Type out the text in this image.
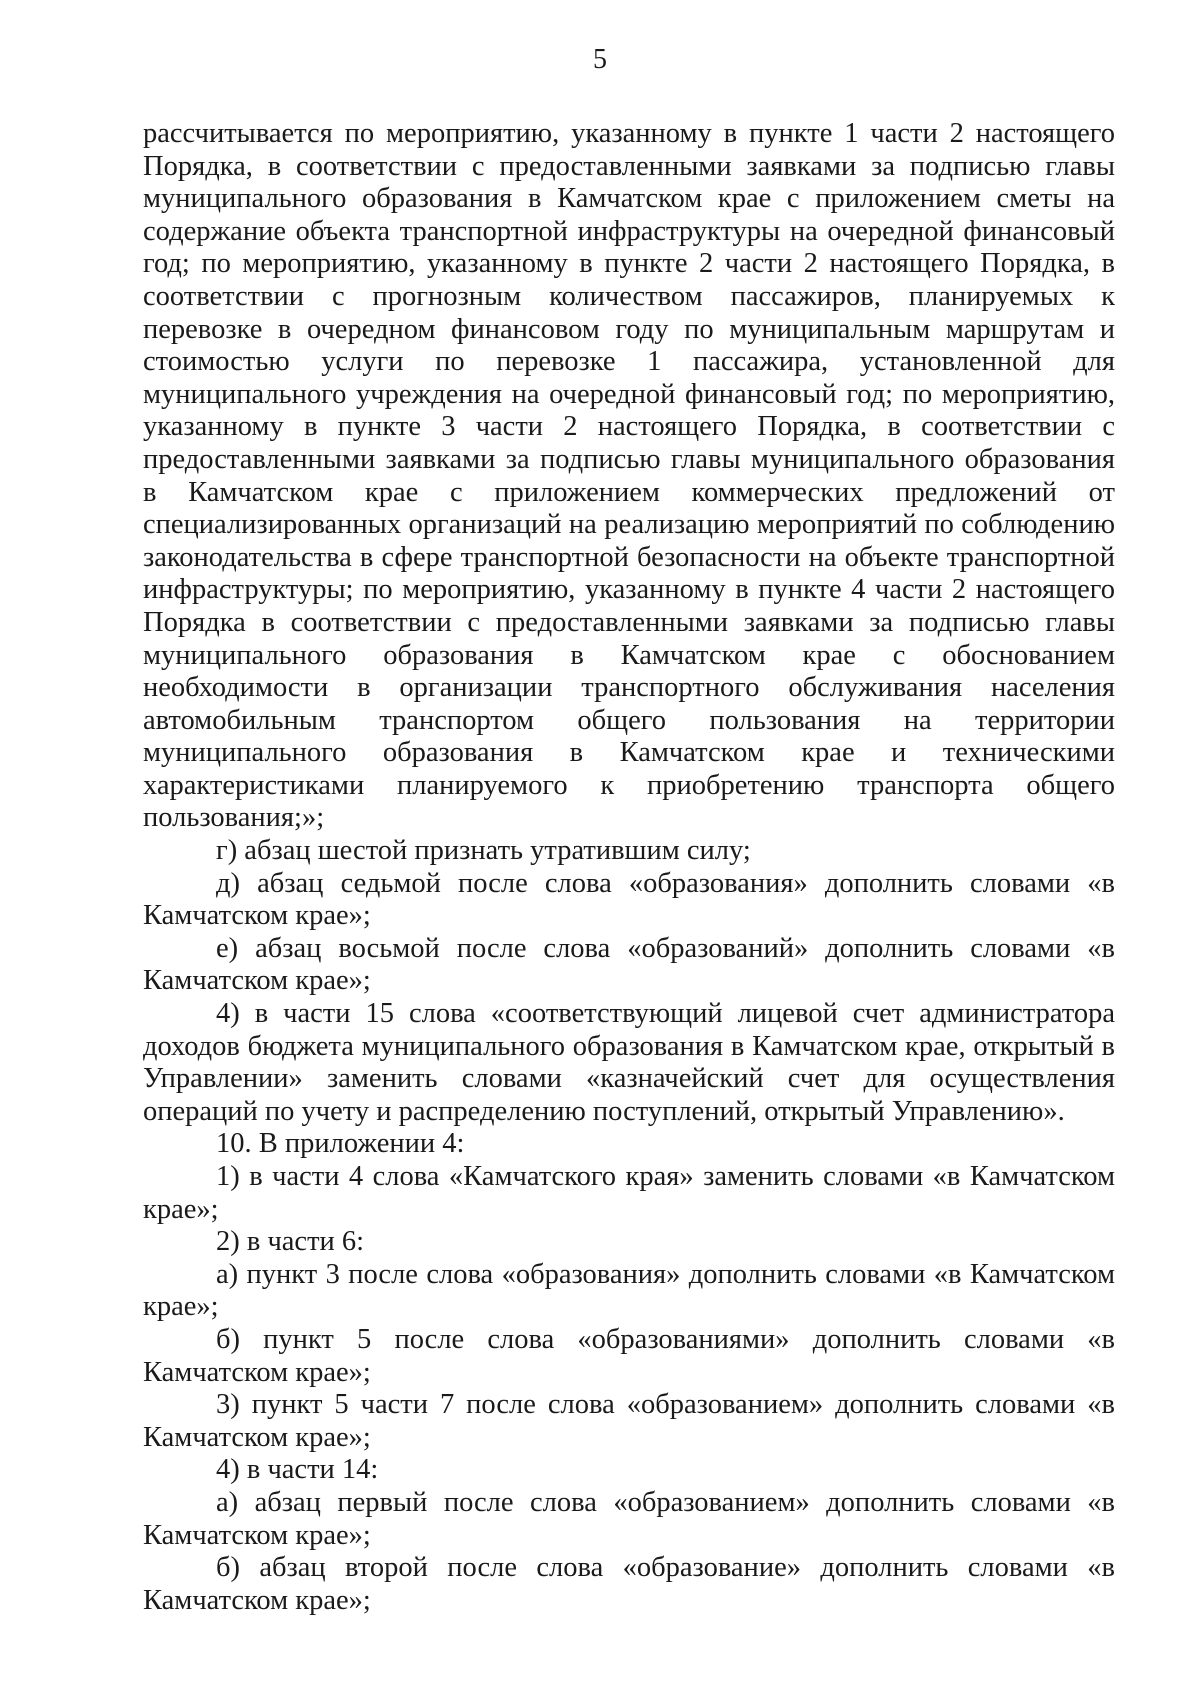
5

рассчитывается по мероприятию, указанному в пункте 1 части 2 настоящего Порядка, в соответствии с предоставленными заявками за подписью главы муниципального образования в Камчатском крае с приложением сметы на содержание объекта транспортной инфраструктуры на очередной финансовый год; по мероприятию, указанному в пункте 2 части 2 настоящего Порядка, в соответствии с прогнозным количеством пассажиров, планируемых к перевозке в очередном финансовом году по муниципальным маршрутам и стоимостью услуги по перевозке 1 пассажира, установленной для муниципального учреждения на очередной финансовый год; по мероприятию, указанному в пункте 3 части 2 настоящего Порядка, в соответствии с предоставленными заявками за подписью главы муниципального образования в Камчатском крае с приложением коммерческих предложений от специализированных организаций на реализацию мероприятий по соблюдению законодательства в сфере транспортной безопасности на объекте транспортной инфраструктуры; по мероприятию, указанному в пункте 4 части 2 настоящего Порядка в соответствии с предоставленными заявками за подписью главы муниципального образования в Камчатском крае с обоснованием необходимости в организации транспортного обслуживания населения автомобильным транспортом общего пользования на территории муниципального образования в Камчатском крае и техническими характеристиками планируемого к приобретению транспорта общего пользования;»;

г) абзац шестой признать утратившим силу;

д) абзац седьмой после слова «образования» дополнить словами «в Камчатском крае»;

е) абзац восьмой после слова «образований» дополнить словами «в Камчатском крае»;

4) в части 15 слова «соответствующий лицевой счет администратора доходов бюджета муниципального образования в Камчатском крае, открытый в Управлении» заменить словами «казначейский счет для осуществления операций по учету и распределению поступлений, открытый Управлению».

10. В приложении 4:

1) в части 4 слова «Камчатского края» заменить словами «в Камчатском крае»;

2) в части 6:

а) пункт 3 после слова «образования» дополнить словами «в Камчатском крае»;

б) пункт 5 после слова «образованиями» дополнить словами «в Камчатском крае»;

3) пункт 5 части 7 после слова «образованием» дополнить словами «в Камчатском крае»;

4) в части 14:

а) абзац первый после слова «образованием» дополнить словами «в Камчатском крае»;

б) абзац второй после слова «образование» дополнить словами «в Камчатском крае»;
